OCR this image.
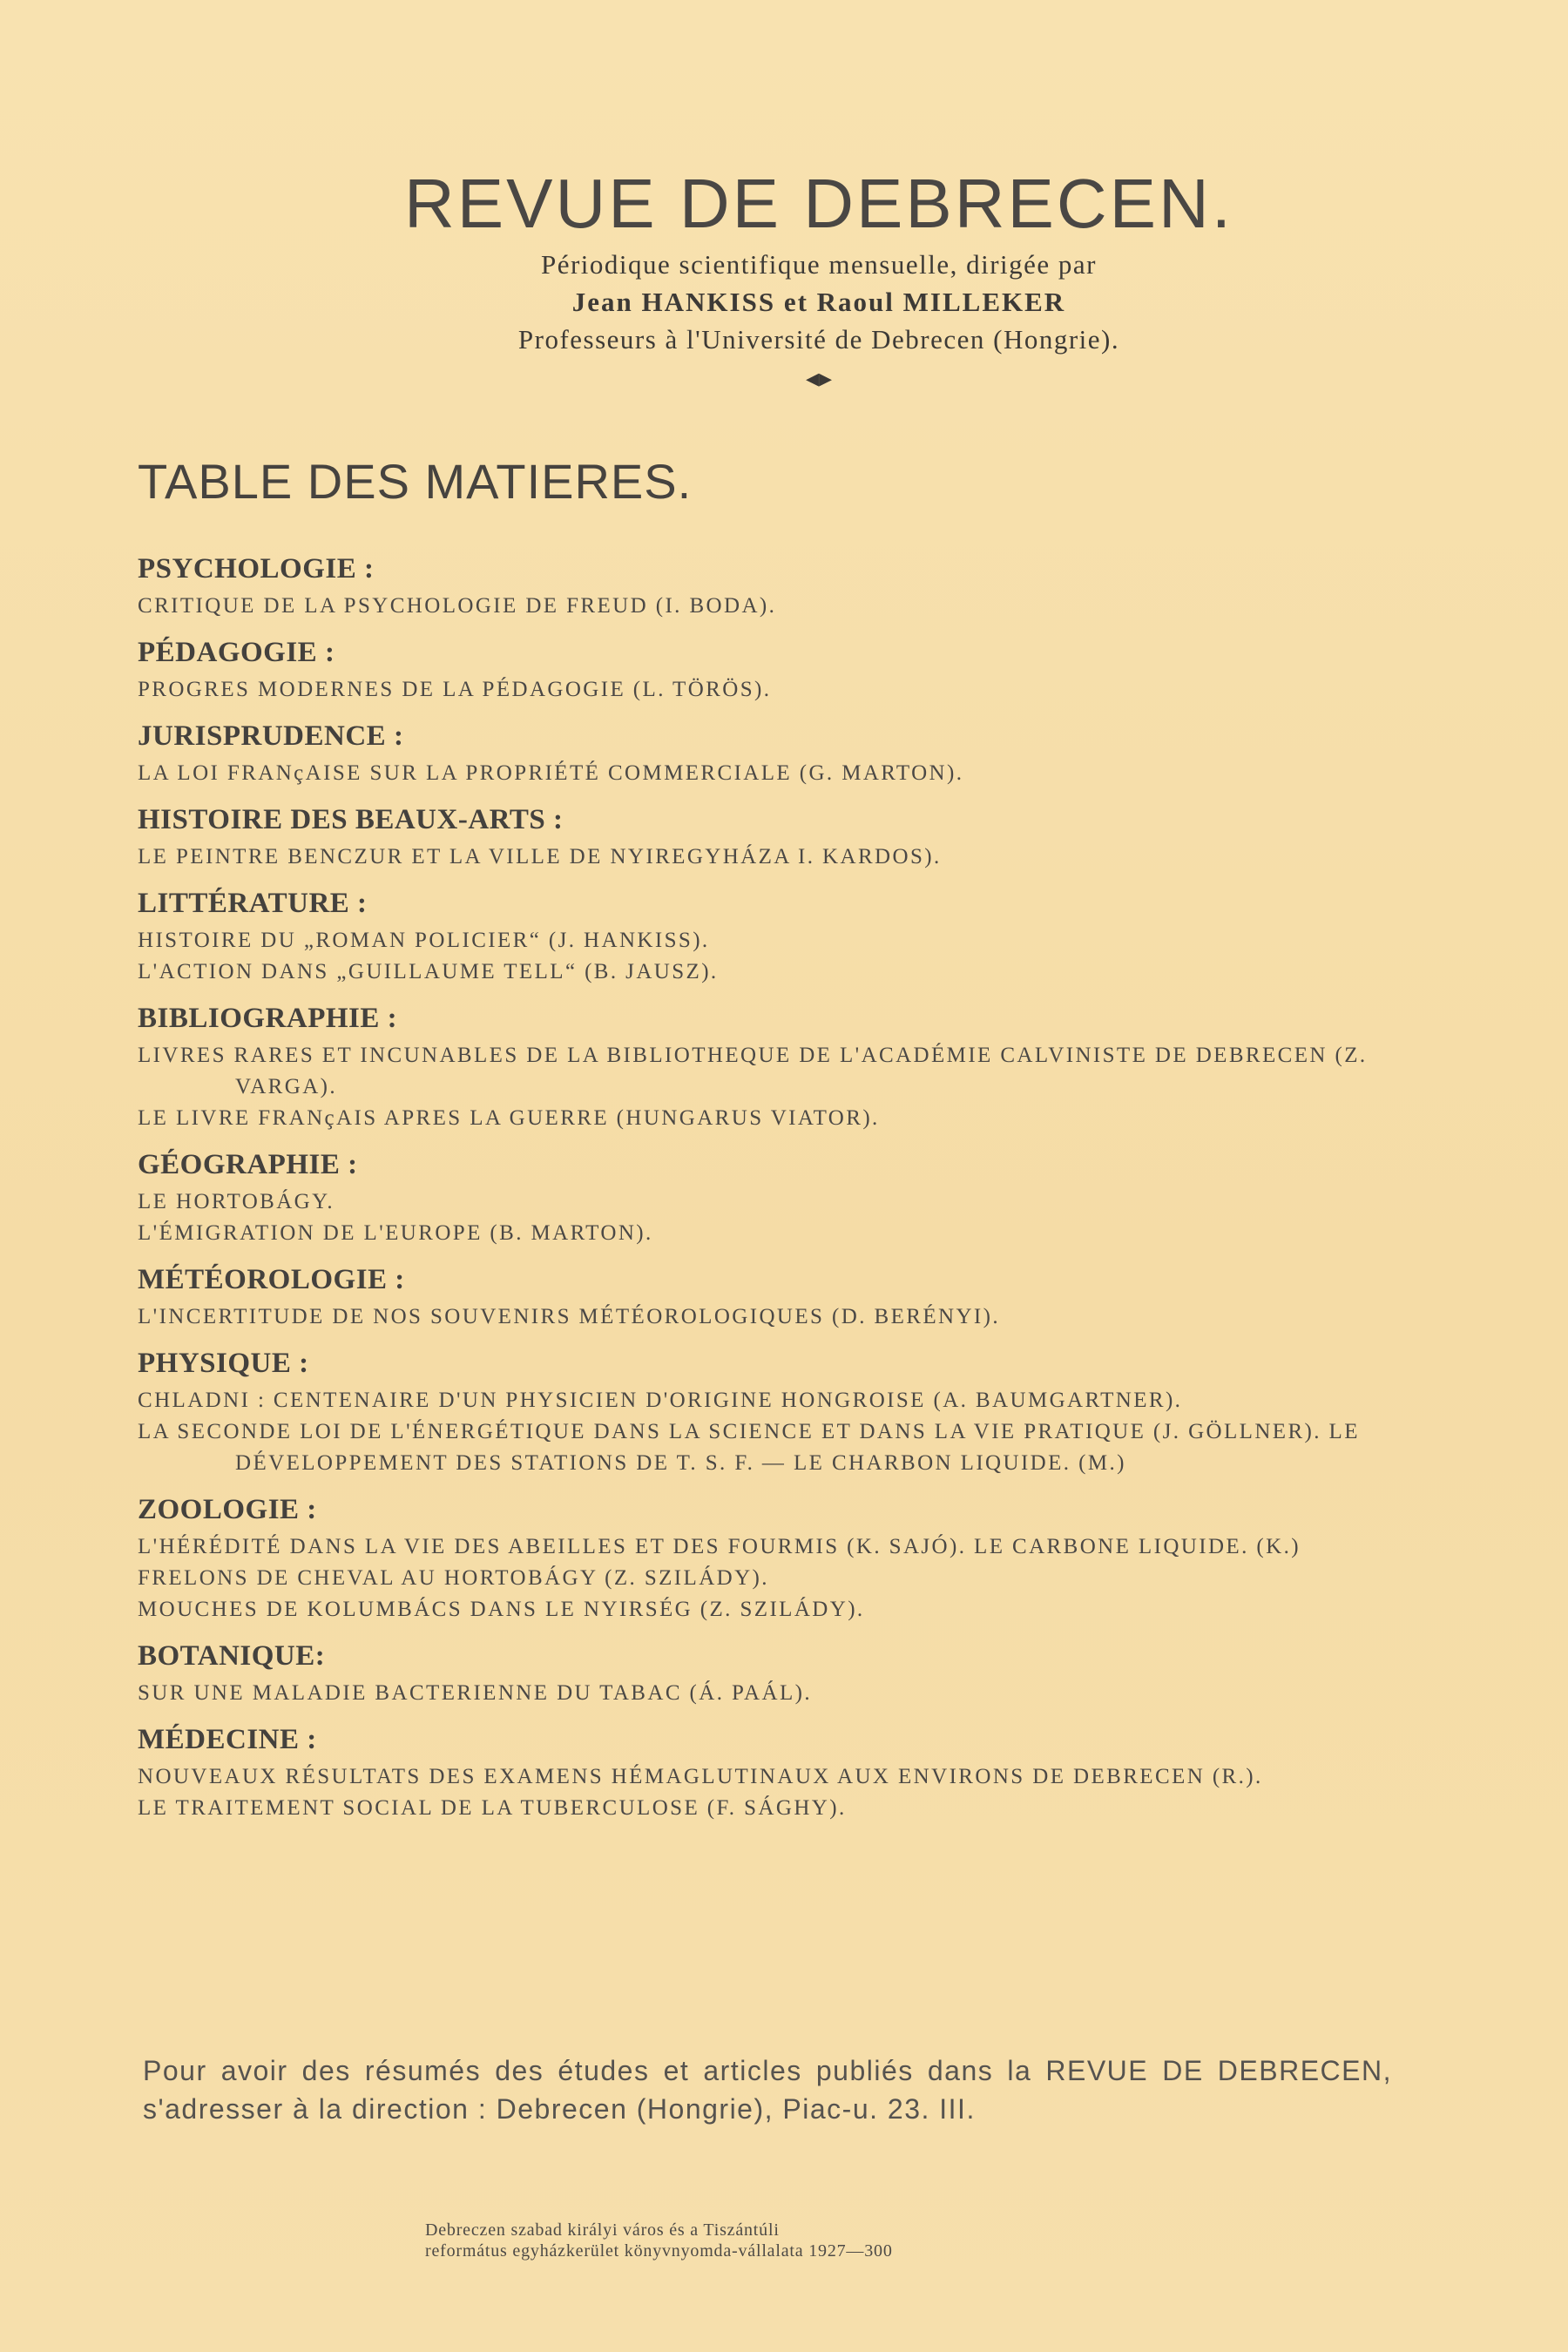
REVUE DE DEBRECEN.
Périodique scientifique mensuelle, dirigée par
Jean HANKISS et Raoul MILLEKER
Professeurs à l'Université de Debrecen (Hongrie).
◂▸
TABLE DES MATIERES.
PSYCHOLOGIE :
CRITIQUE DE LA PSYCHOLOGIE DE FREUD (I. BODA).
PÉDAGOGIE :
PROGRES MODERNES DE LA PÉDAGOGIE (L. TÖRÖS).
JURISPRUDENCE :
LA LOI FRANçAISE SUR LA PROPRIÉTÉ COMMERCIALE (G. MARTON).
HISTOIRE DES BEAUX-ARTS :
LE PEINTRE BENCZUR ET LA VILLE DE NYIREGYHÁZA I. KARDOS).
LITTÉRATURE :
HISTOIRE DU „ROMAN POLICIER“ (J. HANKISS).
L'ACTION DANS „GUILLAUME TELL“ (B. JAUSZ).
BIBLIOGRAPHIE :
LIVRES RARES ET INCUNABLES DE LA BIBLIOTHEQUE DE L'ACADÉMIE CALVINISTE DE DEBRECEN (Z. VARGA).
LE LIVRE FRANçAIS APRES LA GUERRE (HUNGARUS VIATOR).
GÉOGRAPHIE :
LE HORTOBÁGY.
L'ÉMIGRATION DE L'EUROPE (B. MARTON).
MÉTÉOROLOGIE :
L'INCERTITUDE DE NOS SOUVENIRS MÉTÉOROLOGIQUES (D. BERÉNYI).
PHYSIQUE :
CHLADNI : CENTENAIRE D'UN PHYSICIEN D'ORIGINE HONGROISE (A. BAUMGARTNER).
LA SECONDE LOI DE L'ÉNERGÉTIQUE DANS LA SCIENCE ET DANS LA VIE PRATIQUE (J. GÖLLNER). LE DÉVELOPPEMENT DES STATIONS DE T. S. F. — LE CHARBON LIQUIDE. (M.)
ZOOLOGIE :
L'HÉRÉDITÉ DANS LA VIE DES ABEILLES ET DES FOURMIS (K. SAJÓ). LE CARBONE LIQUIDE. (K.)
FRELONS DE CHEVAL AU HORTOBÁGY (Z. SZILÁDY).
MOUCHES DE KOLUMBÁCS DANS LE NYIRSÉG (Z. SZILÁDY).
BOTANIQUE:
SUR UNE MALADIE BACTERIENNE DU TABAC (Á. PAÁL).
MÉDECINE :
NOUVEAUX RÉSULTATS DES EXAMENS HÉMAGLUTINAUX AUX ENVIRONS DE DEBRECEN (R.).
LE TRAITEMENT SOCIAL DE LA TUBERCULOSE (F. SÁGHY).
Pour avoir des résumés des études et articles publiés dans la REVUE DE DEBRECEN, s'adresser à la direction : Debrecen (Hongrie), Piac-u. 23. III.
Debreczen szabad királyi város és a Tiszántúli
református egyházkerület könyvnyomda-vállalata 1927—300
